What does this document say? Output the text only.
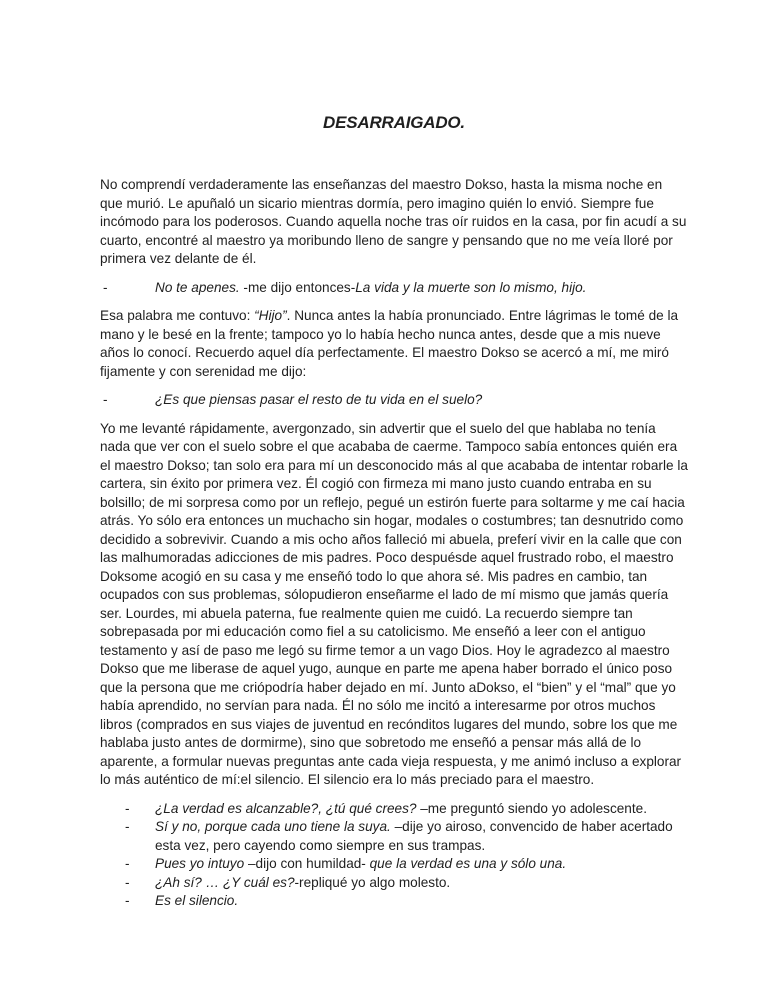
DESARRAIGADO.
No comprendí verdaderamente las enseñanzas del maestro Dokso, hasta la misma noche en que murió. Le apuñaló un sicario mientras dormía, pero imagino quién lo envió. Siempre fue incómodo para los poderosos. Cuando aquella noche tras oír ruidos en la casa, por fin acudí a su cuarto, encontré al maestro ya moribundo lleno de sangre y pensando que no me veía lloré por primera vez delante de él.
-	No te apenes. -me dijo entonces-La vida y la muerte son lo mismo, hijo.
Esa palabra me contuvo: “Hijo”. Nunca antes la había pronunciado. Entre lágrimas le tomé de la mano y le besé en la frente; tampoco yo lo había hecho nunca antes, desde que a mis nueve años lo conocí. Recuerdo aquel día perfectamente. El maestro Dokso se acercó a mí, me miró fijamente y con serenidad me dijo:
-	¿Es que piensas pasar el resto de tu vida en el suelo?
Yo me levanté rápidamente, avergonzado, sin advertir que el suelo del que hablaba no tenía nada que ver con el suelo sobre el que acababa de caerme. Tampoco sabía entonces quién era el maestro Dokso; tan solo era para mí un desconocido más al que acababa de intentar robarle la cartera, sin éxito por primera vez. Él cogió con firmeza mi mano justo cuando entraba en su bolsillo; de mi sorpresa como por un reflejo, pegué un estirón fuerte para soltarme y me caí hacia atrás. Yo sólo era entonces un muchacho sin hogar, modales o costumbres; tan desnutrido como decidido a sobrevivir. Cuando a mis ocho años falleció mi abuela, preferí vivir en la calle que con las malhumoradas adicciones de mis padres. Poco despuésde aquel frustrado robo, el maestro Doksome acogió en su casa y me enseñó todo lo que ahora sé. Mis padres en cambio, tan ocupados con sus problemas, sólopudieron enseñarme el lado de mí mismo que jamás quería ser. Lourdes, mi abuela paterna, fue realmente quien me cuidó. La recuerdo siempre tan sobrepasada por mi educación como fiel a su catolicismo. Me enseñó a leer con el antiguo testamento y así de paso me legó su firme temor a un vago Dios. Hoy le agradezco al maestro Dokso que me liberase de aquel yugo, aunque en parte me apena haber borrado el único poso que la persona que me criópodría haber dejado en mí. Junto aDokso, el “bien” y el “mal” que yo había aprendido, no servían para nada. Él no sólo me incitó a interesarme por otros muchos libros (comprados en sus viajes de juventud en recónditos lugares del mundo, sobre los que me hablaba justo antes de dormirme), sino que sobretodo me enseñó a pensar más allá de lo aparente, a formular nuevas preguntas ante cada vieja respuesta, y me animó incluso a explorar lo más auténtico de mí:el silencio. El silencio era lo más preciado para el maestro.
- ¿La verdad es alcanzable?, ¿tú qué crees? –me preguntó siendo yo adolescente.
- Sí y no, porque cada uno tiene la suya. –dije yo airoso, convencido de haber acertado esta vez, pero cayendo como siempre en sus trampas.
- Pues yo intuyo –dijo con humildad- que la verdad es una y sólo una.
- ¿Ah sí? … ¿Y cuál es?-repliqué yo algo molesto.
- Es el silencio.
